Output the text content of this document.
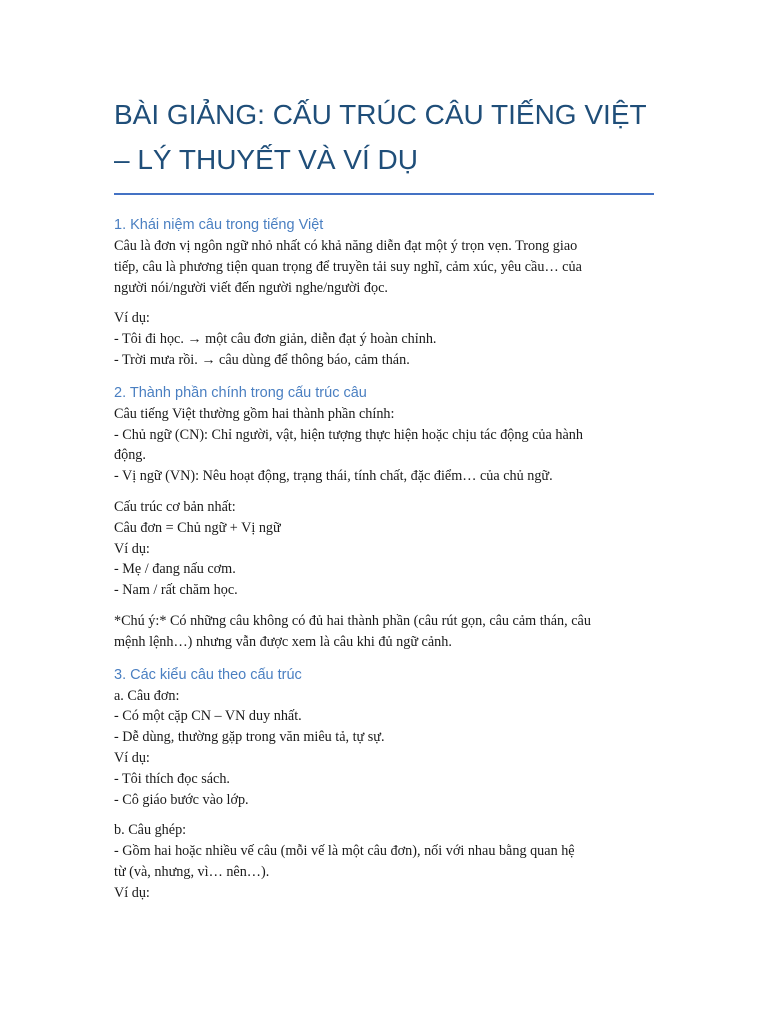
BÀI GIẢNG: CẤU TRÚC CÂU TIẾNG VIỆT
– LÝ THUYẾT VÀ VÍ DỤ
1. Khái niệm câu trong tiếng Việt

Câu là đơn vị ngôn ngữ nhỏ nhất có khả năng diễn đạt một ý trọn vẹn. Trong giao
tiếp, câu là phương tiện quan trọng để truyền tải suy nghĩ, cảm xúc, yêu cầu… của
người nói/người viết đến người nghe/người đọc.

Ví dụ:
- Tôi đi học. → một câu đơn giản, diễn đạt ý hoàn chỉnh.
- Trời mưa rồi. → câu dùng để thông báo, cảm thán.

2. Thành phần chính trong cấu trúc câu

Câu tiếng Việt thường gồm hai thành phần chính:
- Chủ ngữ (CN): Chỉ người, vật, hiện tượng thực hiện hoặc chịu tác động của hành
động.
- Vị ngữ (VN): Nêu hoạt động, trạng thái, tính chất, đặc điểm… của chủ ngữ.

Cấu trúc cơ bản nhất:
Câu đơn = Chủ ngữ + Vị ngữ
Ví dụ:
- Mẹ / đang nấu cơm.
- Nam / rất chăm học.

*Chú ý:* Có những câu không có đủ hai thành phần (câu rút gọn, câu cảm thán, câu
mệnh lệnh…) nhưng vẫn được xem là câu khi đủ ngữ cảnh.

3. Các kiểu câu theo cấu trúc

a. Câu đơn:
- Có một cặp CN – VN duy nhất.
- Dễ dùng, thường gặp trong văn miêu tả, tự sự.
Ví dụ:
- Tôi thích đọc sách.
- Cô giáo bước vào lớp.

b. Câu ghép:
- Gồm hai hoặc nhiều vế câu (mỗi vế là một câu đơn), nối với nhau bằng quan hệ
từ (và, nhưng, vì… nên…).
Ví dụ:
